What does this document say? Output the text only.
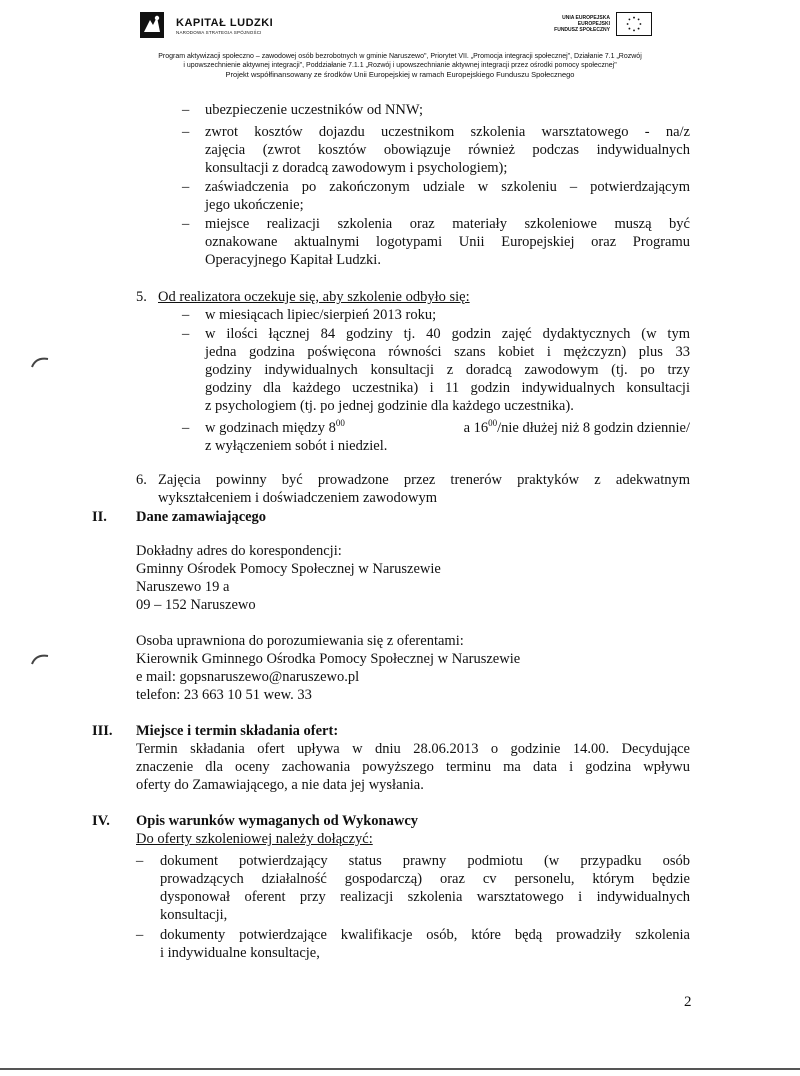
KAPITAŁ LUDZKI
NARODOWA STRATEGIA SPÓJNOŚCI
UNIA EUROPEJSKA
EUROPEJSKI
FUNDUSZ SPOŁECZNY
Program aktywizacji społeczno – zawodowej osób bezrobotnych w gminie Naruszewo", Priorytet VII. „Promocja integracji społecznej", Działanie 7.1 „Rozwój
i upowszechnienie aktywnej integracji", Poddziałanie 7.1.1 „Rozwój i upowszechnianie aktywnej integracji przez ośrodki pomocy społecznej"
Projekt współfinansowany ze środków Unii Europejskiej w ramach Europejskiego Funduszu Społecznego
– ubezpieczenie uczestników od NNW;
– zwrot kosztów dojazdu uczestnikom szkolenia warsztatowego - na/z
zajęcia (zwrot kosztów obowiązuje również podczas indywidualnych
konsultacji z doradcą zawodowym i psychologiem);
– zaświadczenia po zakończonym udziale w szkoleniu – potwierdzającym
jego ukończenie;
– miejsce realizacji szkolenia oraz materiały szkoleniowe muszą być
oznakowane aktualnymi logotypami Unii Europejskiej oraz Programu
Operacyjnego Kapitał Ludzki.
5. Od realizatora oczekuje się, aby szkolenie odbyło się:
– w miesiącach lipiec/sierpień 2013 roku;
– w ilości łącznej 84 godziny tj. 40 godzin zajęć dydaktycznych (w tym
jedna godzina poświęcona równości szans kobiet i mężczyzn) plus 33
godziny indywidualnych konsultacji z doradcą zawodowym (tj. po trzy
godziny dla każdego uczestnika) i 11 godzin indywidualnych konsultacji
z psychologiem (tj. po jednej godzinie dla każdego uczestnika).
– w godzinach między $8^{00}$	a $16^{00}$/nie dłużej niż 8 godzin dziennie/
z wyłączeniem sobót i niedziel.
6. Zajęcia powinny być prowadzone przez trenerów praktyków z adekwatnym
wykształceniem i doświadczeniem zawodowym
II. Dane zamawiającego
Dokładny adres do korespondencji:
Gminny Ośrodek Pomocy Społecznej w Naruszewie
Naruszewo 19 a
09 – 152 Naruszewo
Osoba uprawniona do porozumiewania się z oferentami:
Kierownik Gminnego Ośrodka Pomocy Społecznej w Naruszewie
e mail: gopsnaruszewo@naruszewo.pl
telefon: 23 663 10 51 wew. 33
III. Miejsce i termin składania ofert:
Termin składania ofert upływa w dniu 28.06.2013 o godzinie 14.00. Decydujące
znaczenie dla oceny zachowania powyższego terminu ma data i godzina wpływu
oferty do Zamawiającego, a nie data jej wysłania.
IV. Opis warunków wymaganych od Wykonawcy
Do oferty szkoleniowej należy dołączyć:
– dokument potwierdzający status prawny podmiotu (w przypadku osób
prowadzących działalność gospodarczą) oraz cv personelu, którym będzie
dysponował oferent przy realizacji szkolenia warsztatowego i indywidualnych
konsultacji,
– dokumenty potwierdzające kwalifikacje osób, które będą prowadziły szkolenia
i indywidualne konsultacje,
2
